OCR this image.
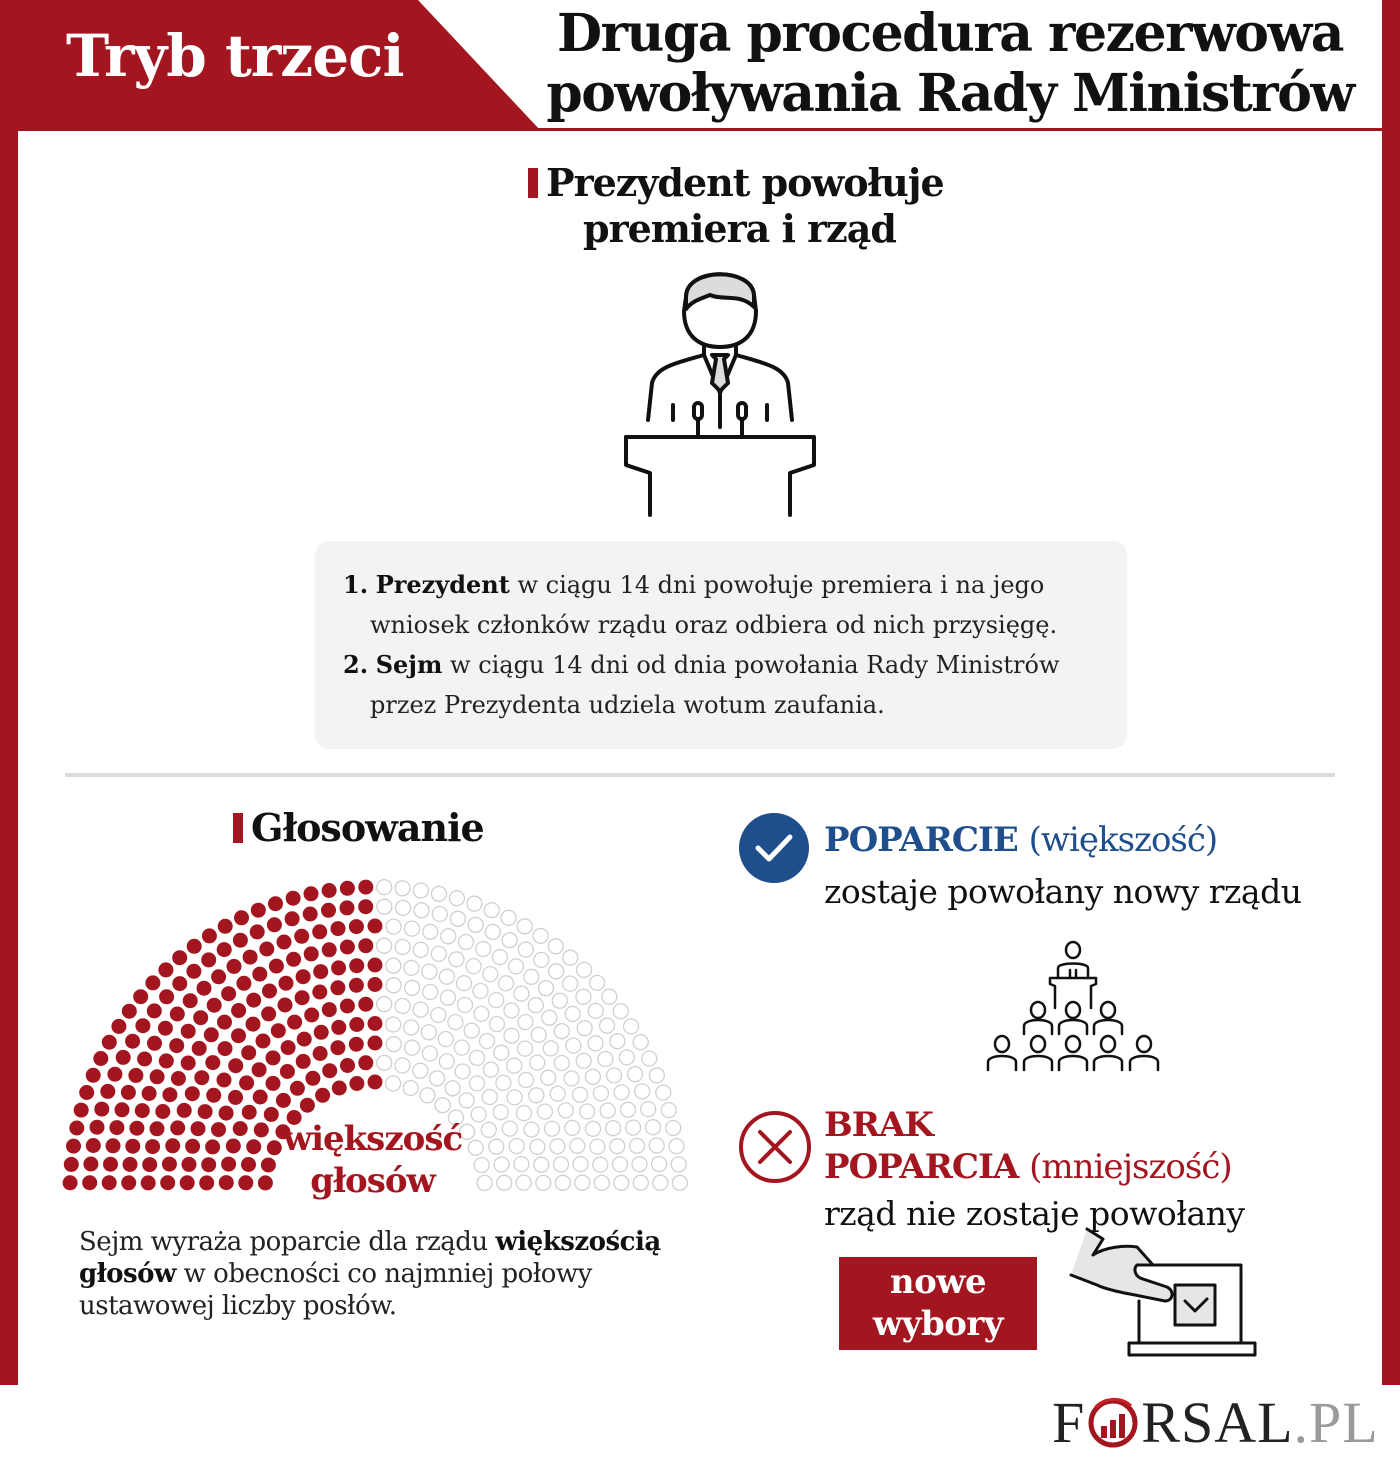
Tryb trzeci	Druga procedura rezerwowa
powoływania Rady Ministrów
Prezydent powołuje
premiera i rząd
1. Prezydent w ciągu 14 dni powołuje premiera i na jego wniosek członków rządu oraz odbiera od nich przysięgę.
2. Sejm w ciągu 14 dni od dnia powołania Rady Ministrów przez Prezydenta udziela wotum zaufania.
Głosowanie
większość
głosów
Sejm wyraża poparcie dla rządu większością głosów w obecności co najmniej połowy ustawowej liczby posłów.
POPARCIE (większość)
zostaje powołany nowy rządu
BRAK
POPARCIA (mniejszość)
rząd nie zostaje powołany
nowe
wybory
F RSAL .PL
